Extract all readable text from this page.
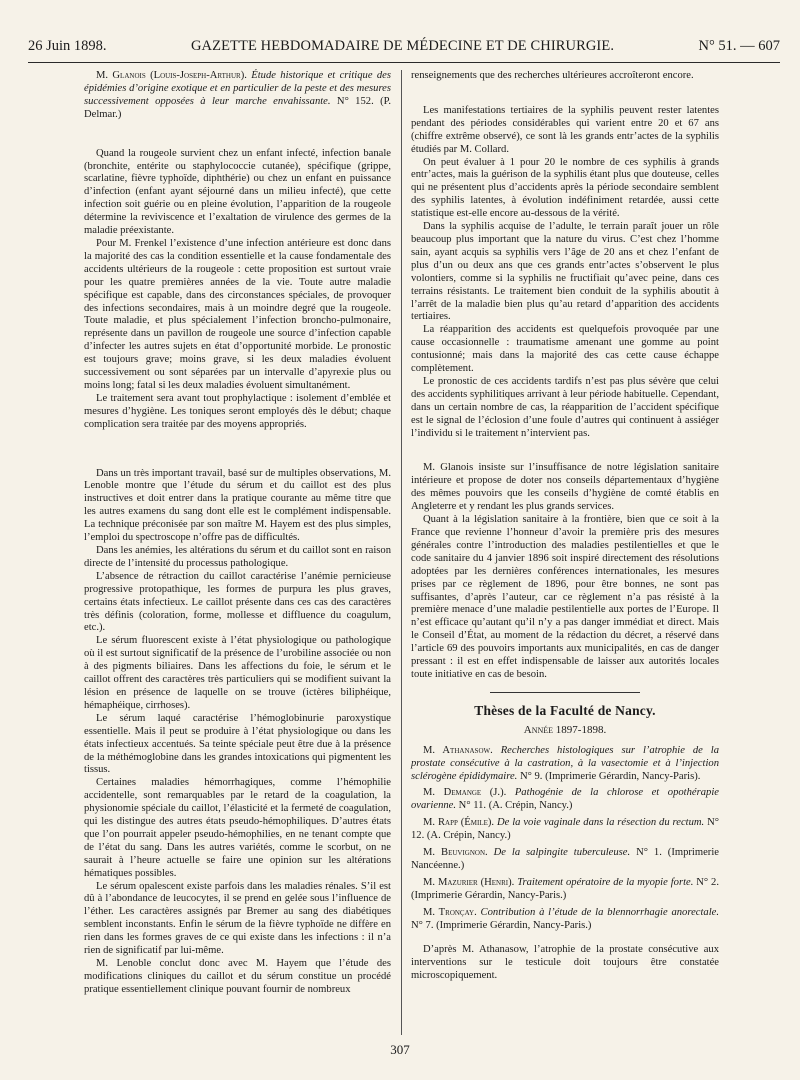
26 Juin 1898.	GAZETTE HEBDOMADAIRE DE MÉDECINE ET DE CHIRURGIE.	N° 51. — 607

M. Glanois (Louis-Joseph-Arthur). Étude historique et critique des épidémies d’origine exotique et en particulier de la peste et des mesures successivement opposées à leur marche envahissante. N° 152. (P. Delmar.)

Quand la rougeole survient chez un enfant infecté, infection banale (bronchite, entérite ou staphylococcie cutanée), spécifique (grippe, scarlatine, fièvre typhoïde, diphthérie) ou chez un enfant en puissance d’infection (enfant ayant séjourné dans un milieu infecté), que cette infection soit guérie ou en pleine évolution, l’apparition de la rougeole détermine la reviviscence et l’exaltation de virulence des germes de la maladie préexistante.

Pour M. Frenkel l’existence d’une infection antérieure est donc dans la majorité des cas la condition essentielle et la cause fondamentale des accidents ultérieurs de la rougeole : cette proposition est surtout vraie pour les quatre premières années de la vie. Toute autre maladie spécifique est capable, dans des circonstances spéciales, de provoquer des infections secondaires, mais à un moindre degré que la rougeole. Toute maladie, et plus spécialement l’infection broncho-pulmonaire, représente dans un pavillon de rougeole une source d’infection capable d’infecter les autres sujets en état d’opportunité morbide. Le pronostic est toujours grave; moins grave, si les deux maladies évoluent successivement ou sont séparées par un intervalle d’apyrexie plus ou moins long; fatal si les deux maladies évoluent simultanément.

Le traitement sera avant tout prophylactique : isolement d’emblée et mesures d’hygiène. Les toniques seront employés dès le début; chaque complication sera traitée par des moyens appropriés.

Dans un très important travail, basé sur de multiples observations, M. Lenoble montre que l’étude du sérum et du caillot est des plus instructives et doit entrer dans la pratique courante au même titre que les autres examens du sang dont elle est le complément indispensable. La technique préconisée par son maître M. Hayem est des plus simples, l’emploi du spectroscope n’offre pas de difficultés.

Dans les anémies, les altérations du sérum et du caillot sont en raison directe de l’intensité du processus pathologique.

L’absence de rétraction du caillot caractérise l’anémie pernicieuse progressive protopathique, les formes de purpura les plus graves, certains états infectieux. Le caillot présente dans ces cas des caractères très définis (coloration, forme, mollesse et diffluence du coagulum, etc.).

Le sérum fluorescent existe à l’état physiologique ou pathologique où il est surtout significatif de la présence de l’urobiline associée ou non à des pigments biliaires. Dans les affections du foie, le sérum et le caillot offrent des caractères très particuliers qui se modifient suivant la lésion en présence de laquelle on se trouve (ictères biliphéique, hémaphéique, cirrhoses).

Le sérum laqué caractérise l’hémoglobinurie paroxystique essentielle. Mais il peut se produire à l’état physiologique ou dans les états infectieux accentués. Sa teinte spéciale peut être due à la présence de la méthémoglobine dans les grandes intoxications qui pigmentent les tissus.

Certaines maladies hémorrhagiques, comme l’hémophilie accidentelle, sont remarquables par le retard de la coagulation, la physionomie spéciale du caillot, l’élasticité et la fermeté de coagulation, qui les distingue des autres états pseudo-hémophiliques. D’autres états que l’on pourrait appeler pseudo-hémophilies, en ne tenant compte que de l’état du sang. Dans les autres variétés, comme le scorbut, on ne saurait à l’heure actuelle se faire une opinion sur les altérations hématiques possibles.

Le sérum opalescent existe parfois dans les maladies rénales. S’il est dû à l’abondance de leucocytes, il se prend en gelée sous l’influence de l’éther. Les caractères assignés par Bremer au sang des diabétiques semblent inconstants. Enfin le sérum de la fièvre typhoïde ne diffère en rien dans les formes graves de ce qui existe dans les infections : il n’a rien de significatif par lui-même.

M. Lenoble conclut donc avec M. Hayem que l’étude des modifications cliniques du caillot et du sérum constitue un procédé pratique essentiellement clinique pouvant fournir de nombreux

renseignements que des recherches ultérieures accroîteront encore.

Les manifestations tertiaires de la syphilis peuvent rester latentes pendant des périodes considérables qui varient entre 20 et 67 ans (chiffre extrême observé), ce sont là les grands entr’actes de la syphilis étudiés par M. Collard.

On peut évaluer à 1 pour 20 le nombre de ces syphilis à grands entr’actes, mais la guérison de la syphilis étant plus que douteuse, celles qui ne présentent plus d’accidents après la période secondaire semblent des syphilis latentes, à évolution indéfiniment retardée, aussi cette statistique est-elle encore au-dessous de la vérité.

Dans la syphilis acquise de l’adulte, le terrain paraît jouer un rôle beaucoup plus important que la nature du virus. C’est chez l’homme sain, ayant acquis sa syphilis vers l’âge de 20 ans et chez l’enfant de plus d’un ou deux ans que ces grands entr’actes s’observent le plus volontiers, comme si la syphilis ne fructifiait qu’avec peine, dans ces terrains résistants. Le traitement bien conduit de la syphilis aboutit à l’arrêt de la maladie bien plus qu’au retard d’apparition des accidents tertiaires.

La réapparition des accidents est quelquefois provoquée par une cause occasionnelle : traumatisme amenant une gomme au point contusionné; mais dans la majorité des cas cette cause échappe complètement.

Le pronostic de ces accidents tardifs n’est pas plus sévère que celui des accidents syphilitiques arrivant à leur période habituelle. Cependant, dans un certain nombre de cas, la réapparition de l’accident spécifique est le signal de l’éclosion d’une foule d’autres qui continuent à assiéger l’individu si le traitement n’intervient pas.

M. Glanois insiste sur l’insuffisance de notre législation sanitaire intérieure et propose de doter nos conseils départementaux d’hygiène des mêmes pouvoirs que les conseils d’hygiène de comté établis en Angleterre et y rendant les plus grands services.

Quant à la législation sanitaire à la frontière, bien que ce soit à la France que revienne l’honneur d’avoir la première pris des mesures générales contre l’introduction des maladies pestilentielles et que le code sanitaire du 4 janvier 1896 soit inspiré directement des résolutions adoptées par les dernières conférences internationales, les mesures prises par ce règlement de 1896, pour être bonnes, ne sont pas suffisantes, d’après l’auteur, car ce règlement n’a pas résisté à la première menace d’une maladie pestilentielle aux portes de l’Europe. Il n’est efficace qu’autant qu’il n’y a pas danger immédiat et direct. Mais le Conseil d’État, au moment de la rédaction du décret, a réservé dans l’article 69 des pouvoirs importants aux municipalités, en cas de danger pressant : il est en effet indispensable de laisser aux autorités locales toute initiative en cas de besoin.

Thèses de la Faculté de Nancy.

Année 1897-1898.

M. Athanasow. Recherches histologiques sur l’atrophie de la prostate consécutive à la castration, à la vasectomie et à l’injection sclérogène épididymaire. N° 9. (Imprimerie Gérardin, Nancy-Paris).

M. Demange (J.). Pathogénie de la chlorose et opothérapie ovarienne. N° 11. (A. Crépin, Nancy.)

M. Rapp (Émile). De la voie vaginale dans la résection du rectum. N° 12. (A. Crépin, Nancy.)

M. Beuvignon. De la salpingite tuberculeuse. N° 1. (Imprimerie Nancéenne.)

M. Mazurier (Henri). Traitement opératoire de la myopie forte. N° 2. (Imprimerie Gérardin, Nancy-Paris.)

M. Tronçay. Contribution à l’étude de la blennorrhagie anorectale. N° 7. (Imprimerie Gérardin, Nancy-Paris.)

D’après M. Athanasow, l’atrophie de la prostate consécutive aux interventions sur le testicule doit toujours être constatée microscopiquement.

307
